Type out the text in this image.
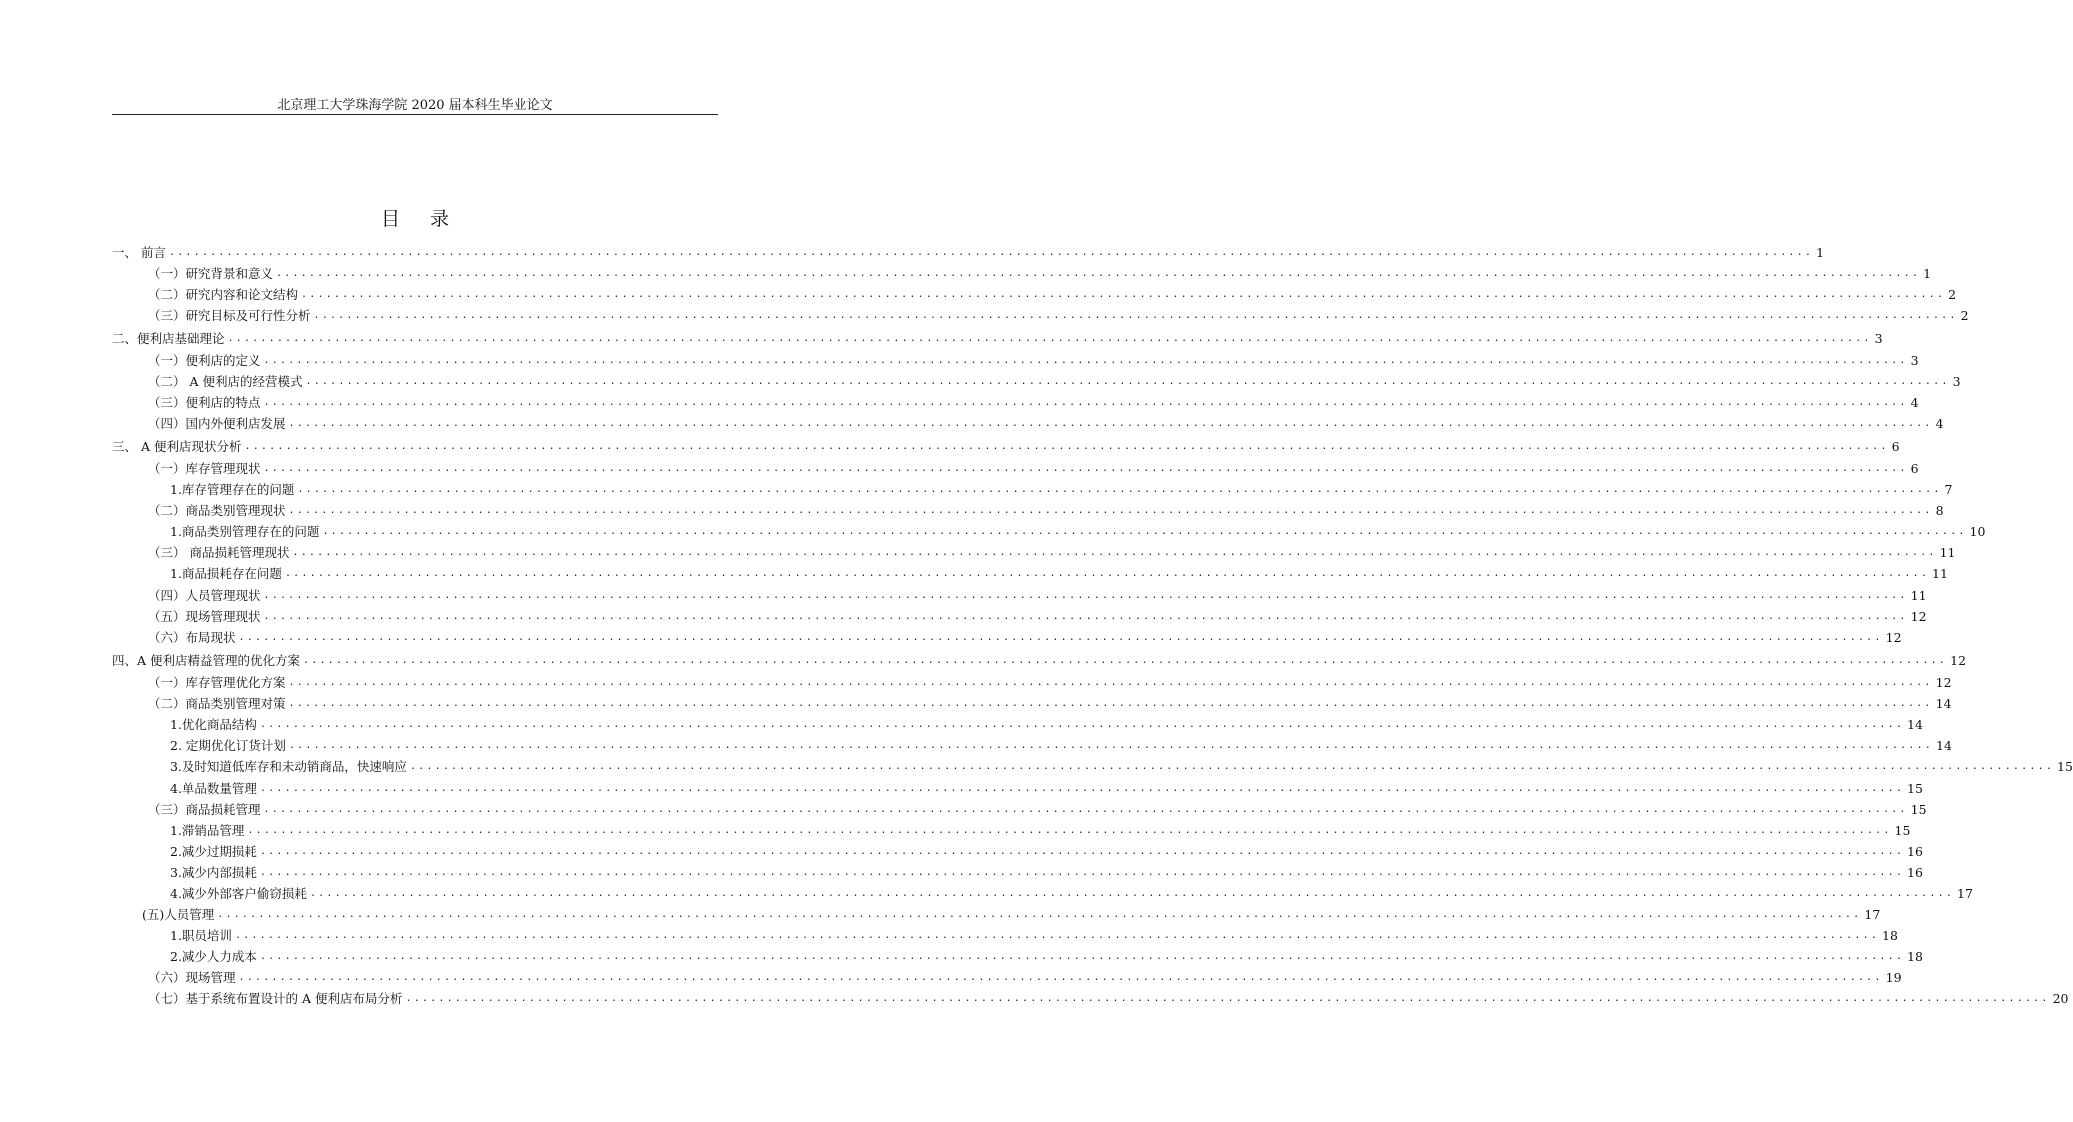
北京理工大学珠海学院 2020 届本科生毕业论文
目 录
一、 前言 ........................................................................................................................................................................................................ 1
（一）研究背景和意义 ........................................................................................................................................................................................................ 1
（二）研究内容和论文结构 ........................................................................................................................................................................................................ 2
（三）研究目标及可行性分析 ........................................................................................................................................................................................................ 2
二、便利店基础理论 ........................................................................................................................................................................................................ 3
（一）便利店的定义 ........................................................................................................................................................................................................ 3
（二） A 便利店的经营模式 ........................................................................................................................................................................................................ 3
（三）便利店的特点 ........................................................................................................................................................................................................ 4
（四）国内外便利店发展 ........................................................................................................................................................................................................ 4
三、 A 便利店现状分析 ........................................................................................................................................................................................................ 6
（一）库存管理现状 ........................................................................................................................................................................................................ 6
1.库存管理存在的问题 ........................................................................................................................................................................................................ 7
（二）商品类别管理现状 ........................................................................................................................................................................................................ 8
1.商品类别管理存在的问题 ........................................................................................................................................................................................................ 10
（三） 商品损耗管理现状 ........................................................................................................................................................................................................ 11
1.商品损耗存在问题 ........................................................................................................................................................................................................ 11
（四）人员管理现状 ........................................................................................................................................................................................................ 11
（五）现场管理现状 ........................................................................................................................................................................................................ 12
（六）布局现状 ........................................................................................................................................................................................................ 12
四、A 便利店精益管理的优化方案 ........................................................................................................................................................................................................ 12
（一）库存管理优化方案 ........................................................................................................................................................................................................ 12
（二）商品类别管理对策 ........................................................................................................................................................................................................ 14
1.优化商品结构 ........................................................................................................................................................................................................ 14
2. 定期优化订货计划 ........................................................................................................................................................................................................ 14
3.及时知道低库存和未动销商品，快速响应 ........................................................................................................................................................................................................ 15
4.单品数量管理 ........................................................................................................................................................................................................ 15
（三）商品损耗管理 ........................................................................................................................................................................................................ 15
1.滞销品管理 ........................................................................................................................................................................................................ 15
2.减少过期损耗 ........................................................................................................................................................................................................ 16
3.减少内部损耗 ........................................................................................................................................................................................................ 16
4.减少外部客户偷窃损耗 ........................................................................................................................................................................................................ 17
(五)人员管理 ........................................................................................................................................................................................................ 17
1.职员培训 ........................................................................................................................................................................................................ 18
2.减少人力成本 ........................................................................................................................................................................................................ 18
（六）现场管理 ........................................................................................................................................................................................................ 19
（七）基于系统布置设计的 A 便利店布局分析 ........................................................................................................................................................................................................ 20
